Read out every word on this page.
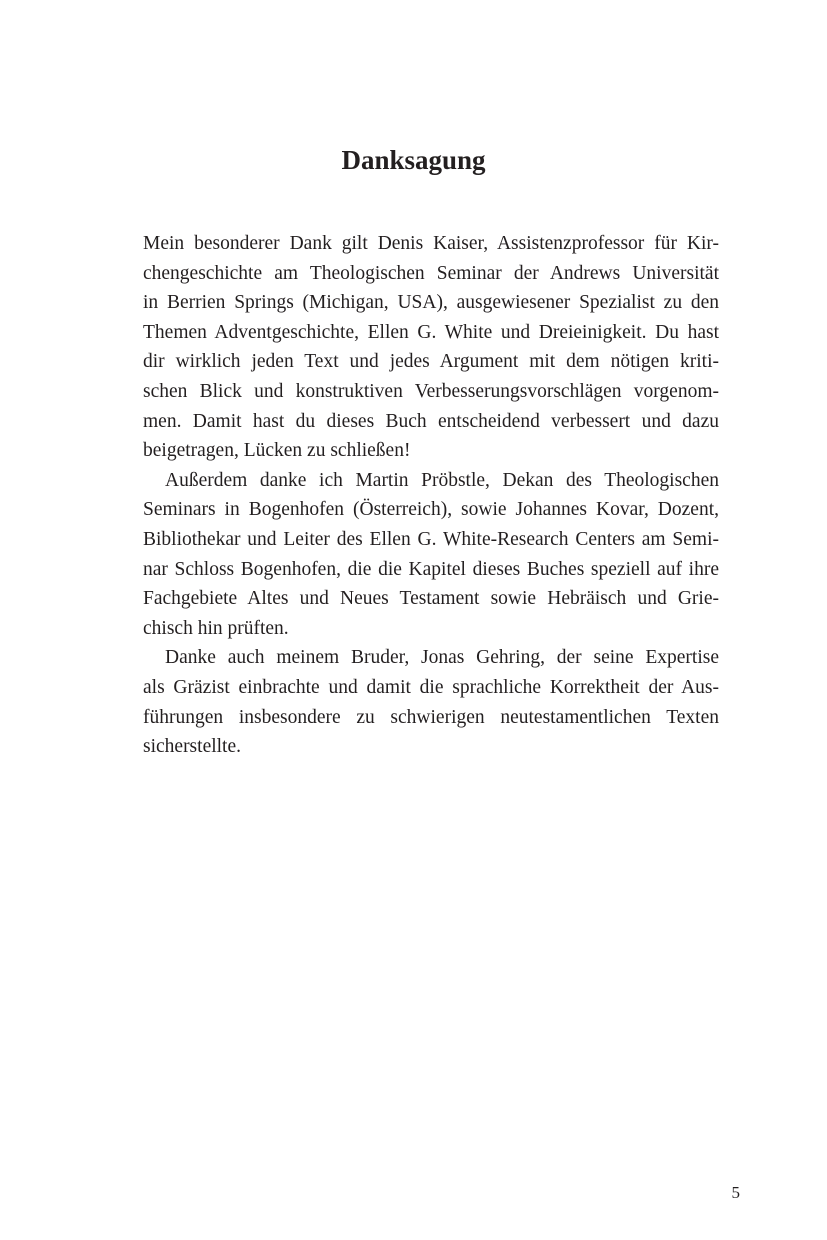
Danksagung
Mein besonderer Dank gilt Denis Kaiser, Assistenzprofessor für Kir-
chengeschichte am Theologischen Seminar der Andrews Universität
in Berrien Springs (Michigan, USA), ausgewiesener Spezialist zu den
Themen Adventgeschichte, Ellen G. White und Dreieinigkeit. Du hast
dir wirklich jeden Text und jedes Argument mit dem nötigen kriti-
schen Blick und konstruktiven Verbesserungsvorschlägen vorgenom-
men. Damit hast du dieses Buch entscheidend verbessert und dazu
beigetragen, Lücken zu schließen!
Außerdem danke ich Martin Pröbstle, Dekan des Theologischen
Seminars in Bogenhofen (Österreich), sowie Johannes Kovar, Dozent,
Bibliothekar und Leiter des Ellen G. White-Research Centers am Semi-
nar Schloss Bogenhofen, die die Kapitel dieses Buches speziell auf ihre
Fachgebiete Altes und Neues Testament sowie Hebräisch und Grie-
chisch hin prüften.
Danke auch meinem Bruder, Jonas Gehring, der seine Expertise
als Gräzist einbrachte und damit die sprachliche Korrektheit der Aus-
führungen insbesondere zu schwierigen neutestamentlichen Texten
sicherstellte.
5
